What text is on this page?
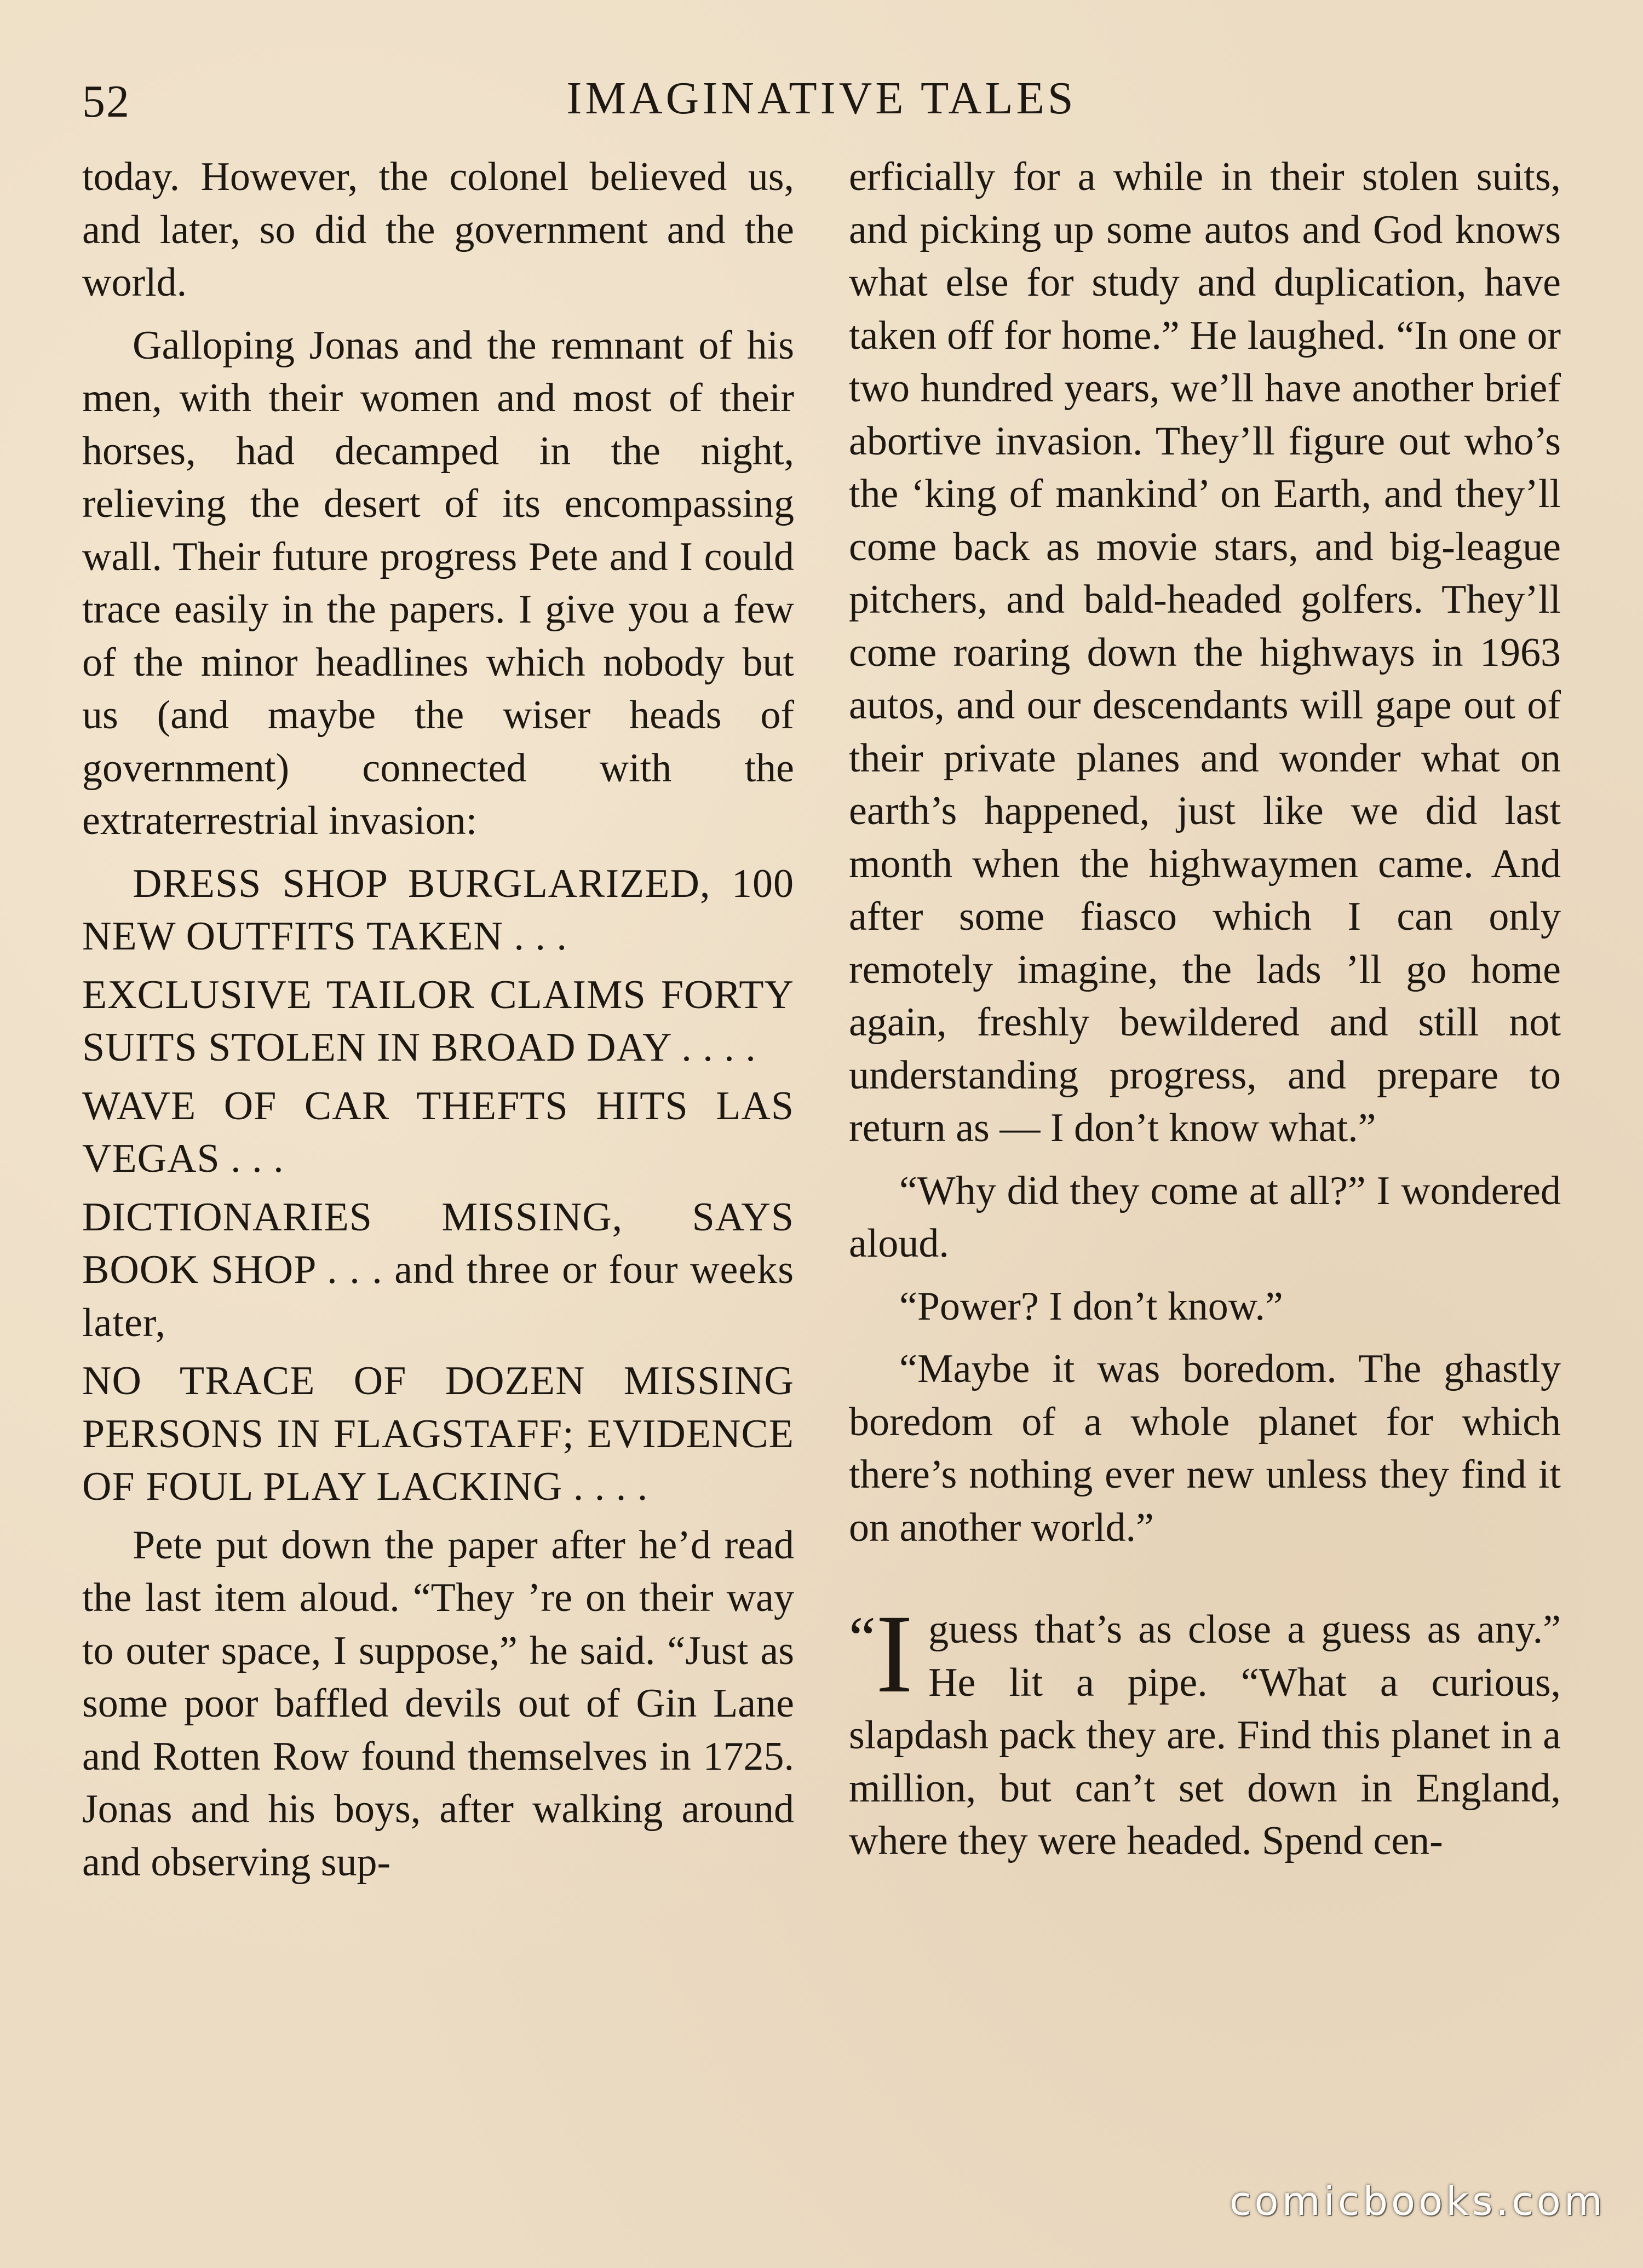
52	IMAGINATIVE TALES

today. However, the colonel believed us, and later, so did the government and the world.

Galloping Jonas and the remnant of his men, with their women and most of their horses, had decamped in the night, relieving the desert of its encompassing wall. Their future progress Pete and I could trace easily in the papers. I give you a few of the minor headlines which nobody but us (and maybe the wiser heads of government) connected with the extraterrestrial invasion:

DRESS SHOP BURGLARIZED, 100 NEW OUTFITS TAKEN . . .

EXCLUSIVE TAILOR CLAIMS FORTY SUITS STOLEN IN BROAD DAY . . . .

WAVE OF CAR THEFTS HITS LAS VEGAS . . .

DICTIONARIES MISSING, SAYS BOOK SHOP . . . and three or four weeks later,

NO TRACE OF DOZEN MISSING PERSONS IN FLAGSTAFF; EVIDENCE OF FOUL PLAY LACKING . . . .

Pete put down the paper after he’d read the last item aloud. “They ’re on their way to outer space, I suppose,” he said. “Just as some poor baffled devils out of Gin Lane and Rotten Row found themselves in 1725. Jonas and his boys, after walking around and observing sup-

erficially for a while in their stolen suits, and picking up some autos and God knows what else for study and duplication, have taken off for home.” He laughed. “In one or two hundred years, we’ll have another brief abortive invasion. They’ll figure out who’s the ‘king of mankind’ on Earth, and they’ll come back as movie stars, and big-league pitchers, and bald-headed golfers. They’ll come roaring down the highways in 1963 autos, and our descendants will gape out of their private planes and wonder what on earth’s happened, just like we did last month when the highwaymen came. And after some fiasco which I can only remotely imagine, the lads ’ll go home again, freshly bewildered and still not understanding progress, and prepare to return as — I don’t know what.”

“Why did they come at all?” I wondered aloud.

“Power? I don’t know.”

“Maybe it was boredom. The ghastly boredom of a whole planet for which there’s nothing ever new unless they find it on another world.”

“I guess that’s as close a guess as any.” He lit a pipe. “What a curious, slapdash pack they are. Find this planet in a million, but can’t set down in England, where they were headed. Spend cen-

comicbooks.com
